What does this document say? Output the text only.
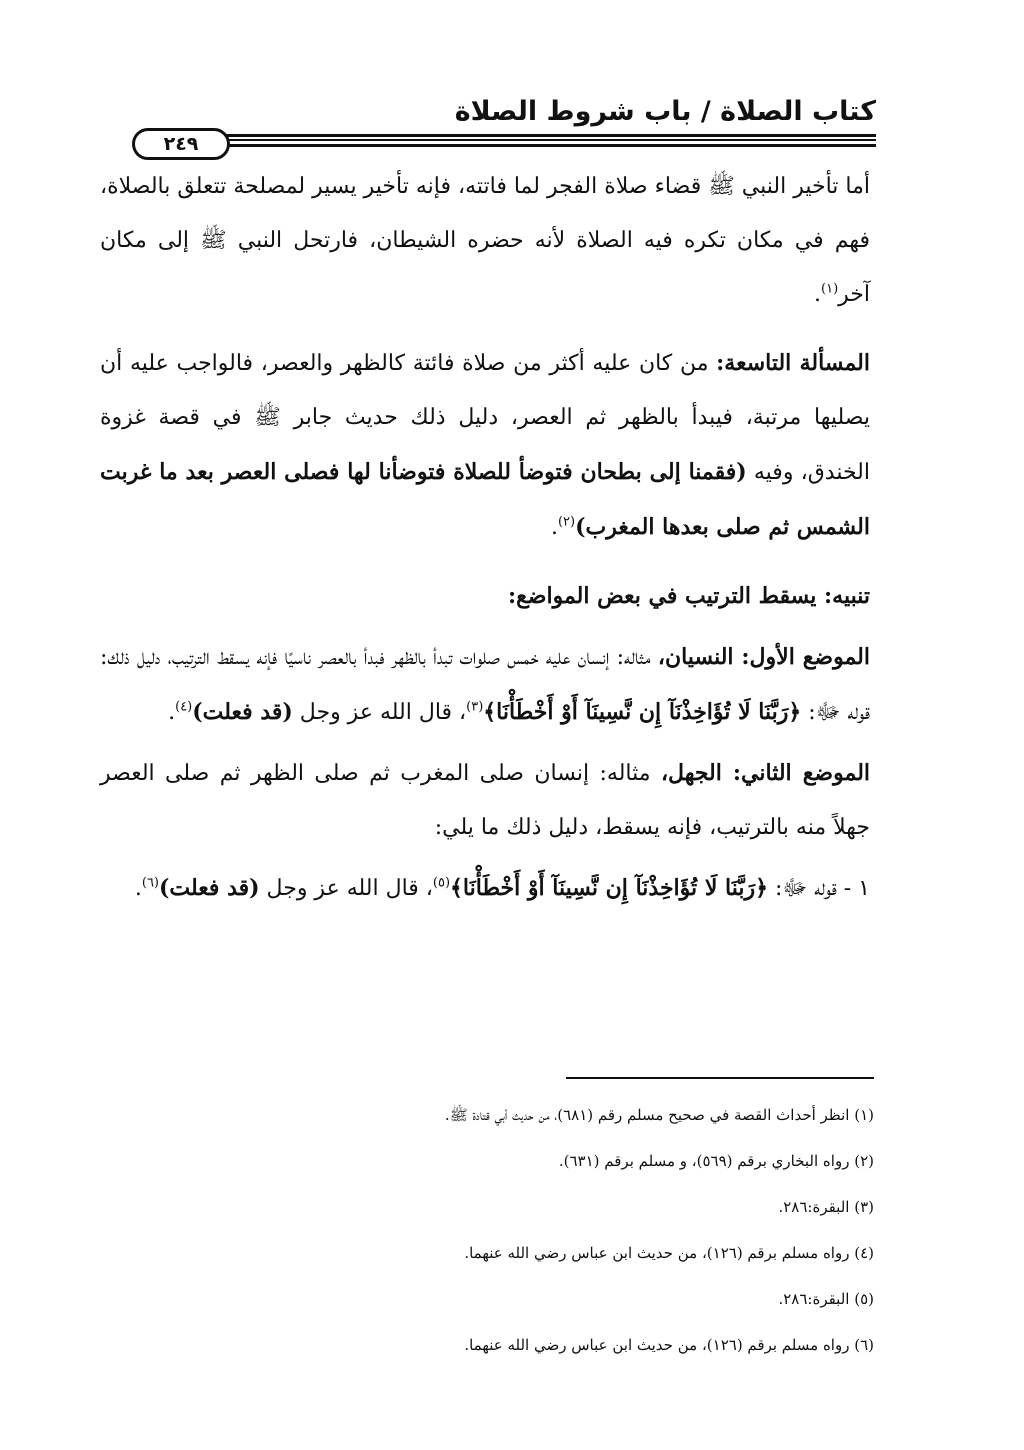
كتاب الصلاة / باب شروط الصلاة
٢٤٩

أما تأخير النبي ﷺ قضاء صلاة الفجر لما فاتته، فإنه تأخير يسير لمصلحة تتعلق بالصلاة، فهم في مكان تكره فيه الصلاة لأنه حضره الشيطان، فارتحل النبي ﷺ إلى مكان آخر$^{(١)}$.

المسألة التاسعة: من كان عليه أكثر من صلاة فائتة كالظهر والعصر، فالواجب عليه أن يصليها مرتبة، فيبدأ بالظهر ثم العصر، دليل ذلك حديث جابر ﷺ في قصة غزوة الخندق، وفيه (فقمنا إلى بطحان فتوضأ للصلاة فتوضأنا لها فصلى العصر بعد ما غربت الشمس ثم صلى بعدها المغرب)$^{(٢)}$.

تنبيه: يسقط الترتيب في بعض المواضع:

الموضع الأول: النسيان، مثاله: إنسان عليه خمس صلوات تبدأ بالظهر فبدأ بالعصر ناسيًا فإنه يسقط الترتيب، دليل ذلك: قوله ﷻ: ﴿رَبَّنَا لَا تُؤَاخِذْنَآ إِن نَّسِينَآ أَوْ أَخْطَأْنَا﴾$^{(٣)}$، قال الله عز وجل (قد فعلت)$^{(٤)}$.

الموضع الثاني: الجهل، مثاله: إنسان صلى المغرب ثم صلى الظهر ثم صلى العصر جهلاً منه بالترتيب، فإنه يسقط، دليل ذلك ما يلي:

١ - قوله ﷻ: ﴿رَبَّنَا لَا تُؤَاخِذْنَآ إِن نَّسِينَآ أَوْ أَخْطَأْنَا﴾$^{(٥)}$، قال الله عز وجل (قد فعلت)$^{(٦)}$.

(١) انظر أحداث القصة في صحيح مسلم رقم (٦٨١)، من حديث أبي قتادة ﷺ.

(٢) رواه البخاري برقم (٥٦٩)، و مسلم برقم (٦٣١).

(٣) البقرة:٢٨٦.

(٤) رواه مسلم برقم (١٢٦)، من حديث ابن عباس رضي الله عنهما.

(٥) البقرة:٢٨٦.

(٦) رواه مسلم برقم (١٢٦)، من حديث ابن عباس رضي الله عنهما.
